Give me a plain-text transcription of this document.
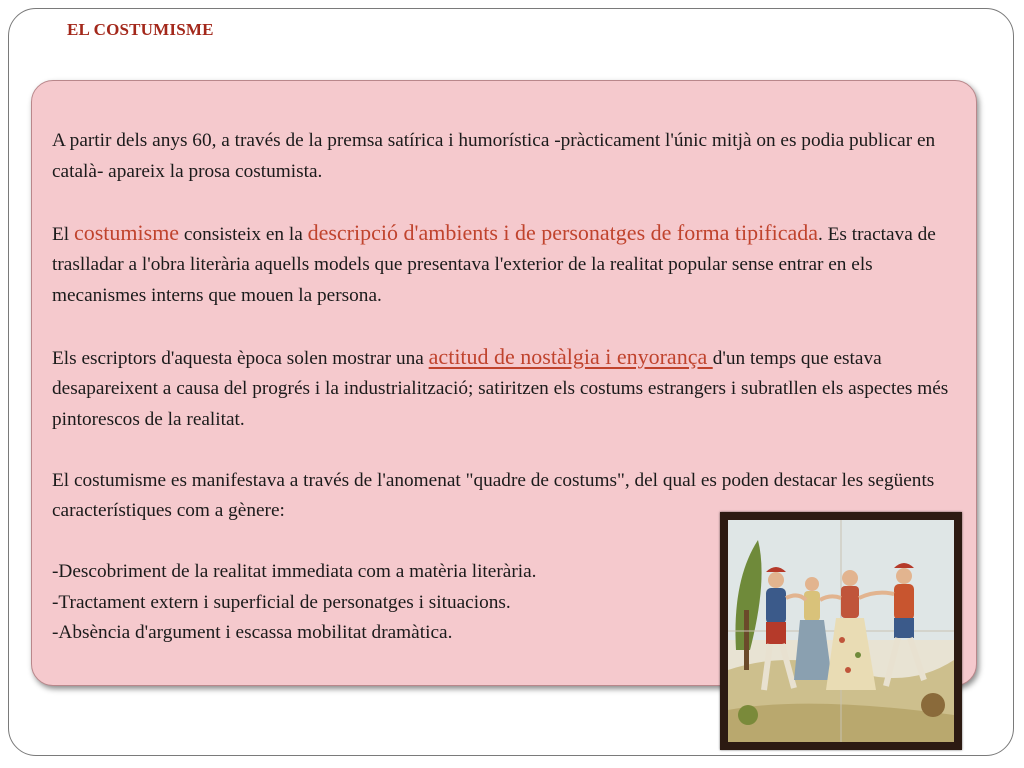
EL COSTUMISME

A partir dels anys 60, a través de la premsa satírica i humorística -pràcticament l'únic mitjà on es podia publicar en català- apareix la prosa costumista.

El costumisme consisteix en la descripció d'ambients i de personatges de forma tipificada. Es tractava de traslladar a l'obra literària aquells models que presentava l'exterior de la realitat popular sense entrar en els mecanismes interns que mouen la persona.

Els escriptors d'aquesta època solen mostrar una actitud de nostàlgia i enyorança d'un temps que estava desapareixent a causa del progrés i la industrialització; satiritzen els costums estrangers i subratllen els aspectes més pintorescos de la realitat.

El costumisme es manifestava a través de l'anomenat "quadre de costums", del qual es poden destacar les següents característiques com a gènere:

-Descobriment de la realitat immediata com a matèria literària.
-Tractament extern i superficial de personatges i situacions.
-Absència d'argument i escassa mobilitat dramàtica.
